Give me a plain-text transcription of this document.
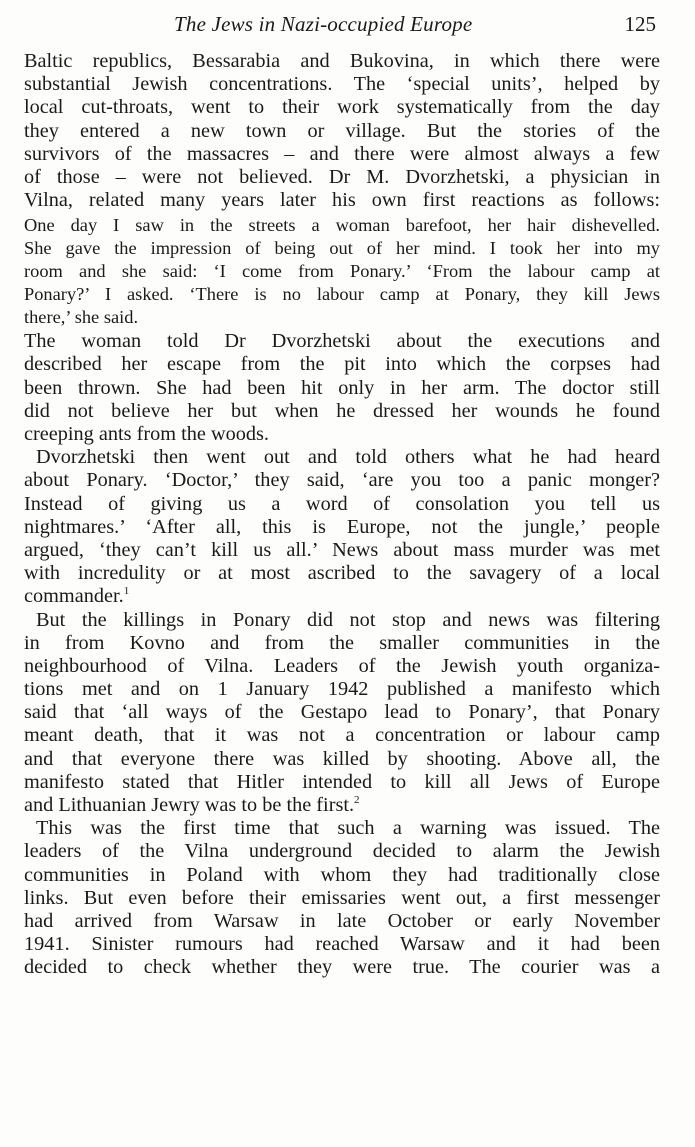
The Jews in Nazi-occupied Europe	125
Baltic republics, Bessarabia and Bukovina, in which there were
substantial Jewish concentrations. The ‘special units’, helped by
local cut-throats, went to their work systematically from the day
they entered a new town or village. But the stories of the
survivors of the massacres – and there were almost always a few
of those – were not believed. Dr M. Dvorzhetski, a physician in
Vilna, related many years later his own first reactions as follows:
One day I saw in the streets a woman barefoot, her hair dishevelled.
She gave the impression of being out of her mind. I took her into my
room and she said: ‘I come from Ponary.’ ‘From the labour camp at
Ponary?’ I asked. ‘There is no labour camp at Ponary, they kill Jews
there,’ she said.
The woman told Dr Dvorzhetski about the executions and
described her escape from the pit into which the corpses had
been thrown. She had been hit only in her arm. The doctor still
did not believe her but when he dressed her wounds he found
creeping ants from the woods.
Dvorzhetski then went out and told others what he had heard
about Ponary. ‘Doctor,’ they said, ‘are you too a panic monger?
Instead of giving us a word of consolation you tell us
nightmares.’ ‘After all, this is Europe, not the jungle,’ people
argued, ‘they can’t kill us all.’ News about mass murder was met
with incredulity or at most ascribed to the savagery of a local
commander.$^1$
But the killings in Ponary did not stop and news was filtering
in from Kovno and from the smaller communities in the
neighbourhood of Vilna. Leaders of the Jewish youth organiza-
tions met and on 1 January 1942 published a manifesto which
said that ‘all ways of the Gestapo lead to Ponary’, that Ponary
meant death, that it was not a concentration or labour camp
and that everyone there was killed by shooting. Above all, the
manifesto stated that Hitler intended to kill all Jews of Europe
and Lithuanian Jewry was to be the first.$^2$
This was the first time that such a warning was issued. The
leaders of the Vilna underground decided to alarm the Jewish
communities in Poland with whom they had traditionally close
links. But even before their emissaries went out, a first messenger
had arrived from Warsaw in late October or early November
1941. Sinister rumours had reached Warsaw and it had been
decided to check whether they were true. The courier was a
